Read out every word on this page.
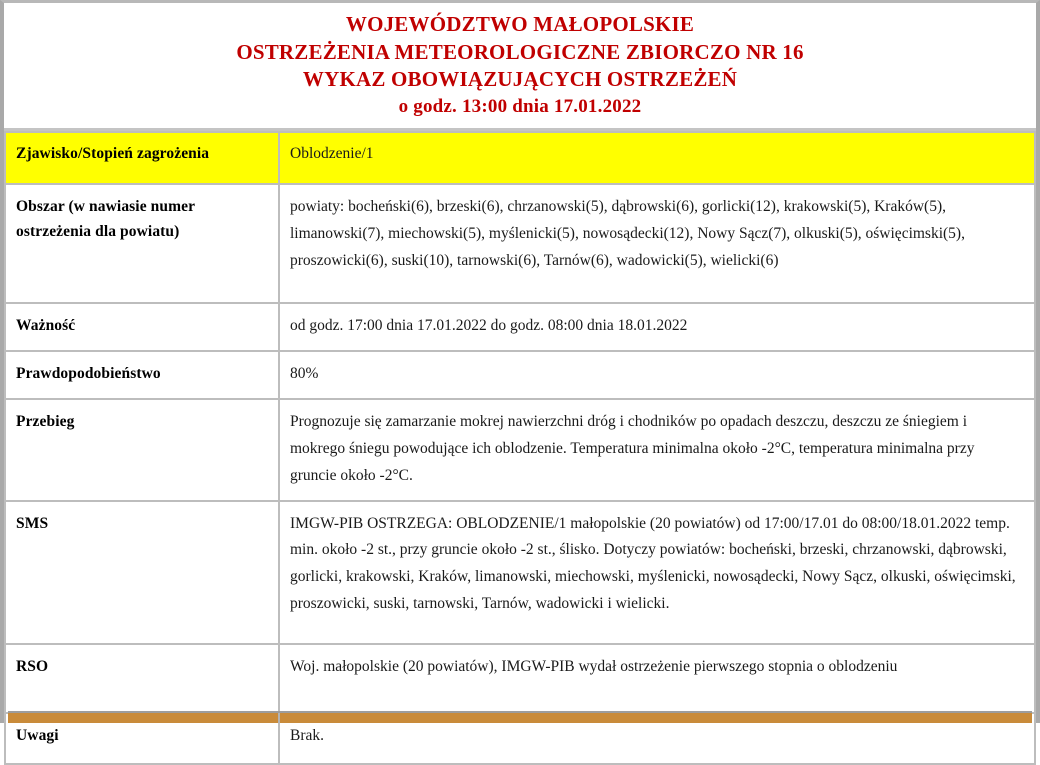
WOJEWÓDZTWO MAŁOPOLSKIE
OSTRZEŻENIA METEOROLOGICZNE ZBIORCZO NR 16
WYKAZ OBOWIĄZUJĄCYCH OSTRZEŻEŃ
o godz. 13:00 dnia 17.01.2022
Zjawisko/Stopień zagrożenia	Oblodzenie/1
Obszar (w nawiasie numer ostrzeżenia dla powiatu)	powiaty: bocheński(6), brzeski(6), chrzanowski(5), dąbrowski(6), gorlicki(12), krakowski(5), Kraków(5), limanowski(7), miechowski(5), myślenicki(5), nowosądecki(12), Nowy Sącz(7), olkuski(5), oświęcimski(5), proszowicki(6), suski(10), tarnowski(6), Tarnów(6), wadowicki(5), wielicki(6)
Ważność	od godz. 17:00 dnia 17.01.2022 do godz. 08:00 dnia 18.01.2022
Prawdopodobieństwo	80%
Przebieg	Prognozuje się zamarzanie mokrej nawierzchni dróg i chodników po opadach deszczu, deszczu ze śniegiem i mokrego śniegu powodujące ich oblodzenie. Temperatura minimalna około -2°C, temperatura minimalna przy gruncie około -2°C.
SMS	IMGW-PIB OSTRZEGA: OBLODZENIE/1 małopolskie (20 powiatów) od 17:00/17.01 do 08:00/18.01.2022 temp. min. około -2 st., przy gruncie około -2 st., ślisko. Dotyczy powiatów: bocheński, brzeski, chrzanowski, dąbrowski, gorlicki, krakowski, Kraków, limanowski, miechowski, myślenicki, nowosądecki, Nowy Sącz, olkuski, oświęcimski, proszowicki, suski, tarnowski, Tarnów, wadowicki i wielicki.
RSO	Woj. małopolskie (20 powiatów), IMGW-PIB wydał ostrzeżenie pierwszego stopnia o oblodzeniu
Uwagi	Brak.
